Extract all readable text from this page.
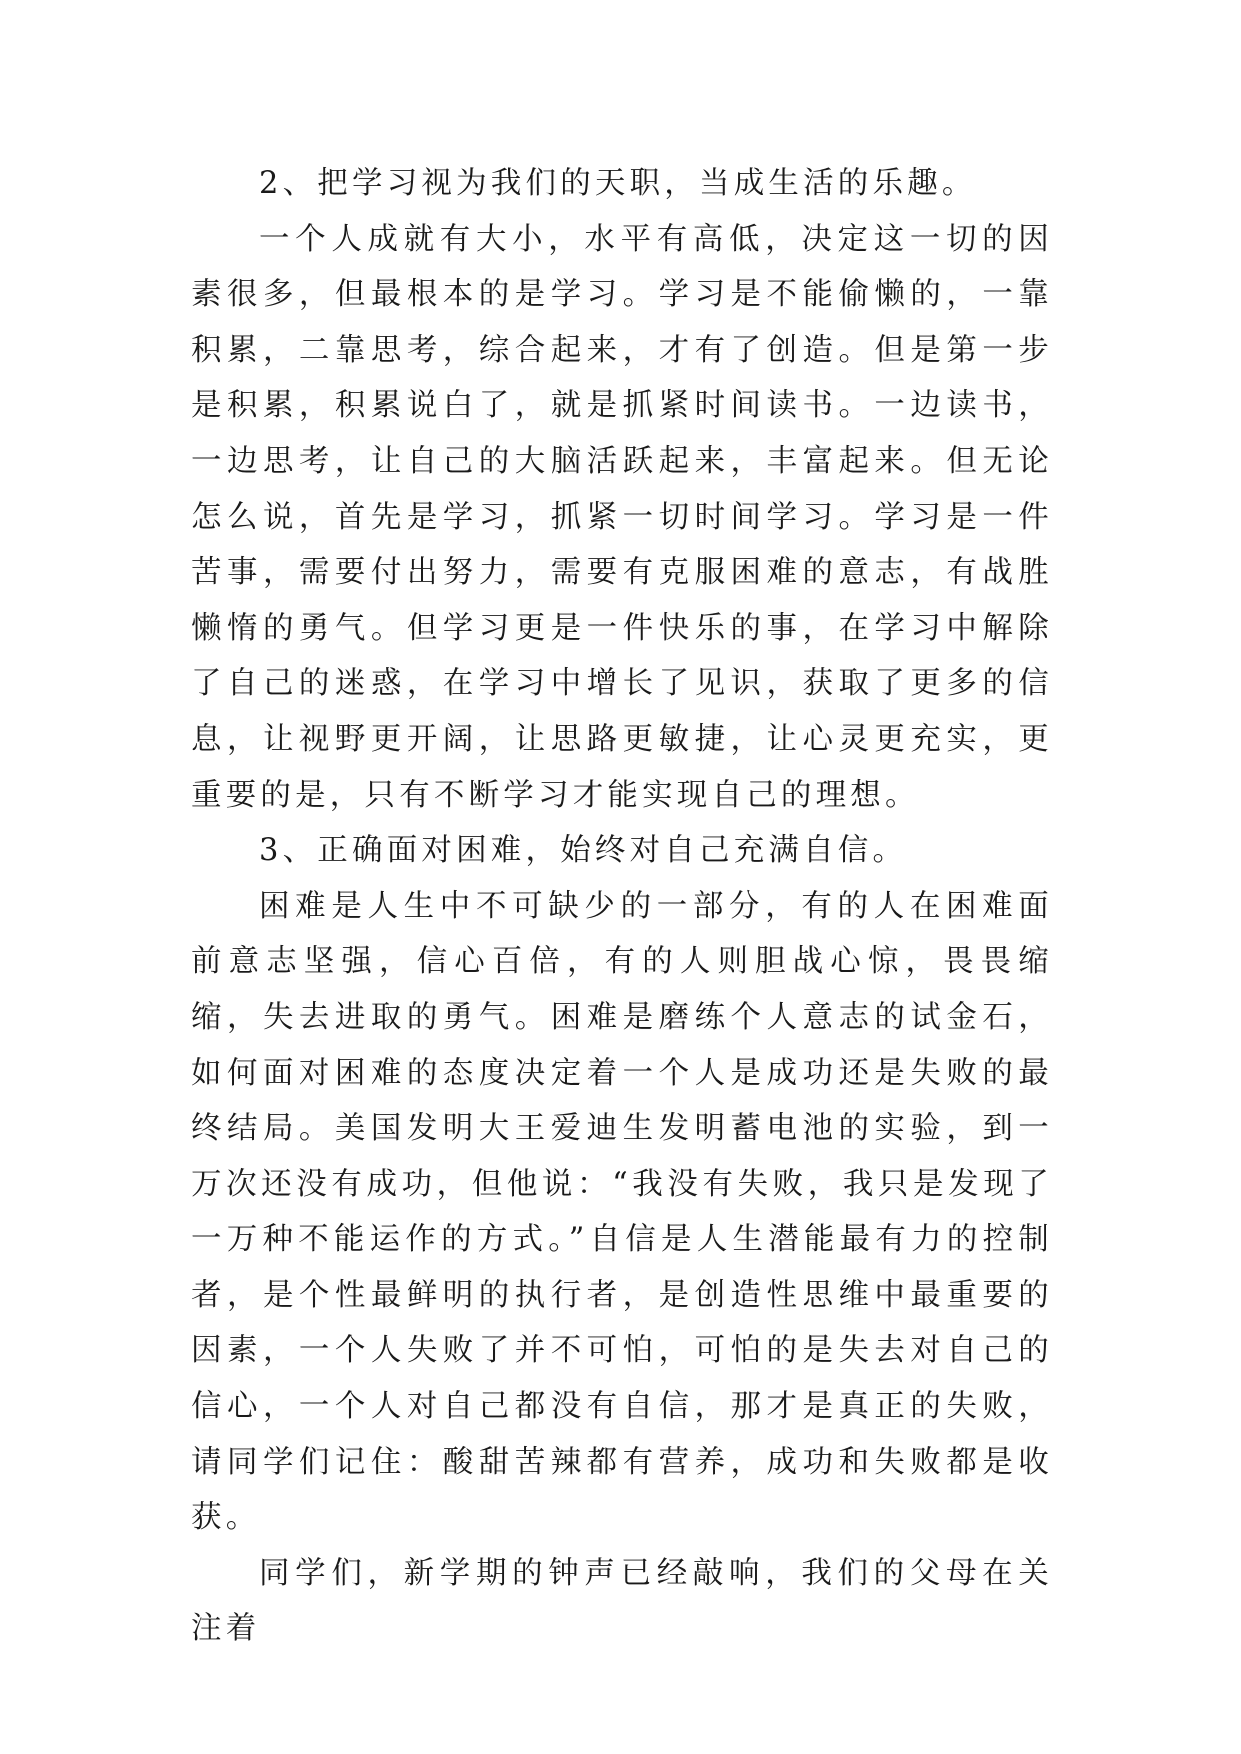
2、把学习视为我们的天职，当成生活的乐趣。

一个人成就有大小，水平有高低，决定这一切的因素很多，但最根本的是学习。学习是不能偷懒的，一靠积累，二靠思考，综合起来，才有了创造。但是第一步是积累，积累说白了，就是抓紧时间读书。一边读书，一边思考，让自己的大脑活跃起来，丰富起来。但无论怎么说，首先是学习，抓紧一切时间学习。学习是一件苦事，需要付出努力，需要有克服困难的意志，有战胜懒惰的勇气。但学习更是一件快乐的事，在学习中解除了自己的迷惑，在学习中增长了见识，获取了更多的信息，让视野更开阔，让思路更敏捷，让心灵更充实，更重要的是，只有不断学习才能实现自己的理想。

3、正确面对困难，始终对自己充满自信。

困难是人生中不可缺少的一部分，有的人在困难面前意志坚强，信心百倍，有的人则胆战心惊，畏畏缩缩，失去进取的勇气。困难是磨练个人意志的试金石，如何面对困难的态度决定着一个人是成功还是失败的最终结局。美国发明大王爱迪生发明蓄电池的实验，到一万次还没有成功，但他说：“我没有失败，我只是发现了一万种不能运作的方式。”自信是人生潜能最有力的控制者，是个性最鲜明的执行者，是创造性思维中最重要的因素，一个人失败了并不可怕，可怕的是失去对自己的信心，一个人对自己都没有自信，那才是真正的失败，请同学们记住：酸甜苦辣都有营养，成功和失败都是收获。

同学们，新学期的钟声已经敲响，我们的父母在关注着
